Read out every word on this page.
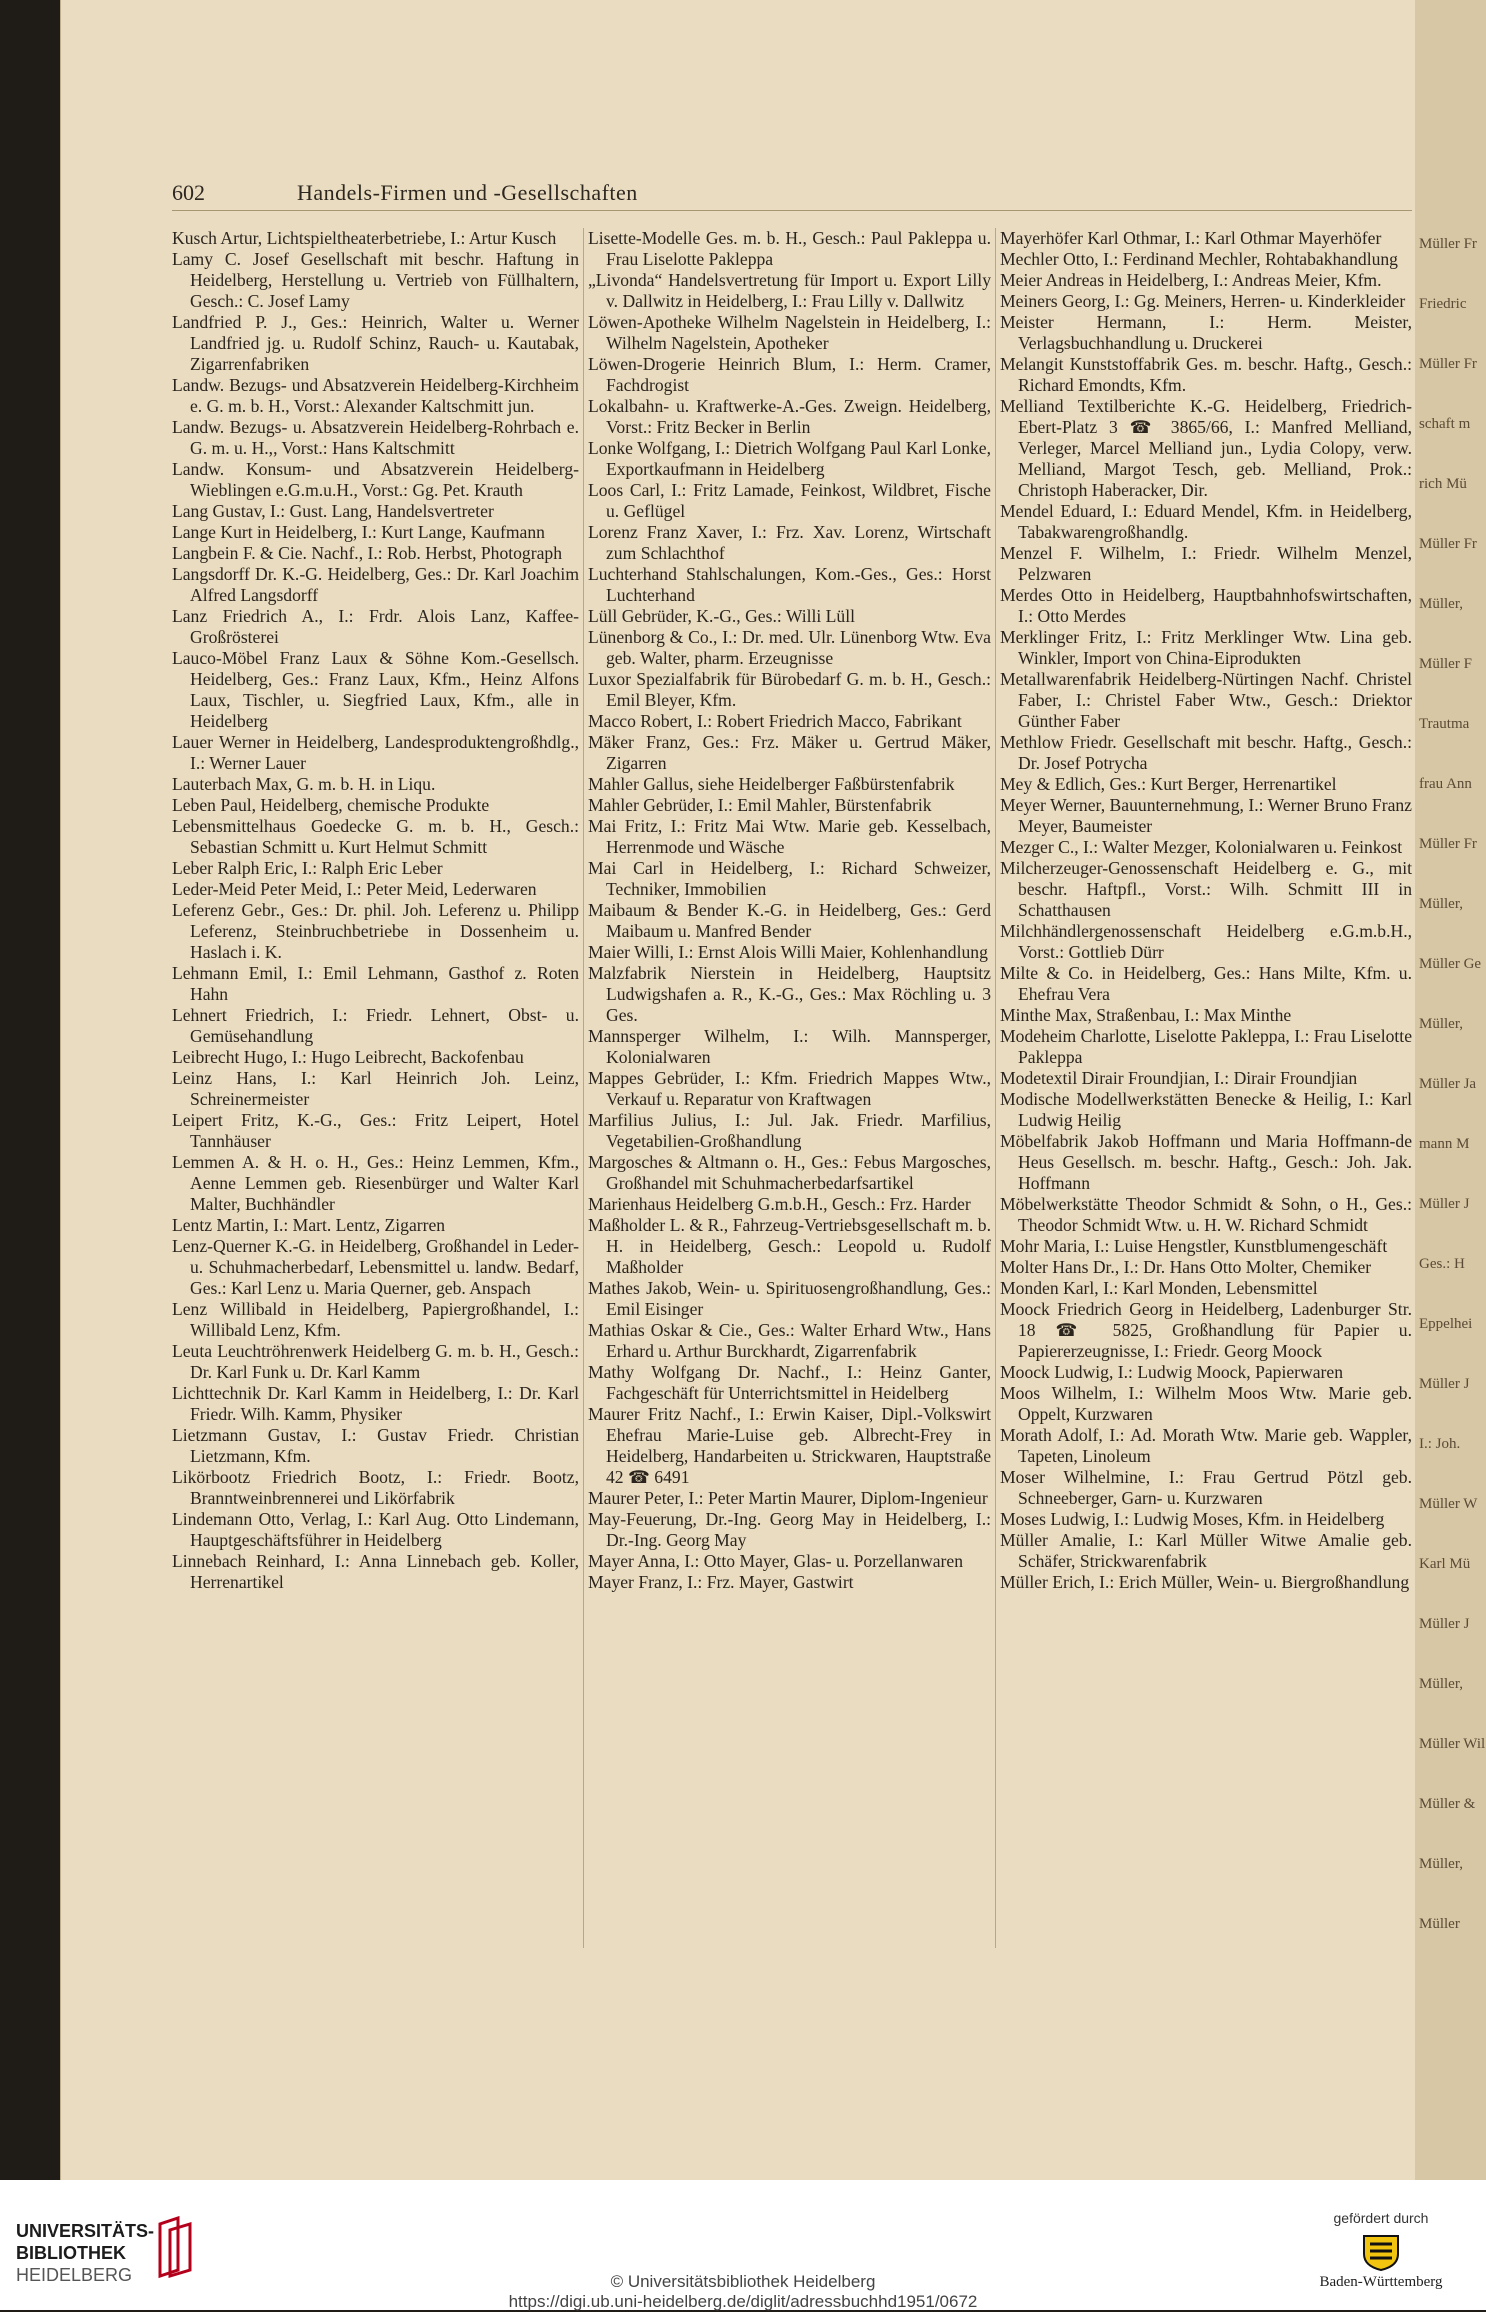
Müller Fr
Friedric
Müller Fr
schaft m
rich Mü
Müller Fr
Müller,
Müller F
Trautma
frau Ann
Müller Fr
Müller,
Müller Ge
Müller,
Müller Ja
mann M
Müller J
Ges.: H
Eppelhei
Müller J
I.: Joh.
Müller W
Karl Mü
Müller J
Müller,
Müller Wil
Müller &
Müller,
Müller
602	Handels-Firmen und -Gesellschaften
Kusch Artur, Lichtspieltheaterbetriebe, I.: Artur Kusch
Lamy C. Josef Gesellschaft mit beschr. Haftung in Heidelberg, Herstellung u. Vertrieb von Füllhaltern, Gesch.: C. Josef Lamy
Landfried P. J., Ges.: Heinrich, Walter u. Werner Landfried jg. u. Rudolf Schinz, Rauch- u. Kautabak, Zigarrenfabriken
Landw. Bezugs- und Absatzverein Heidelberg-Kirchheim e. G. m. b. H., Vorst.: Alexander Kaltschmitt jun.
Landw. Bezugs- u. Absatzverein Heidelberg-Rohrbach e. G. m. u. H.,, Vorst.: Hans Kaltschmitt
Landw. Konsum- und Absatzverein Heidelberg-Wieblingen e.G.m.u.H., Vorst.: Gg. Pet. Krauth
Lang Gustav, I.: Gust. Lang, Handelsvertreter
Lange Kurt in Heidelberg, I.: Kurt Lange, Kaufmann
Langbein F. & Cie. Nachf., I.: Rob. Herbst, Photograph
Langsdorff Dr. K.-G. Heidelberg, Ges.: Dr. Karl Joachim Alfred Langsdorff
Lanz Friedrich A., I.: Frdr. Alois Lanz, Kaffee-Großrösterei
Lauco-Möbel Franz Laux & Söhne Kom.-Gesellsch. Heidelberg, Ges.: Franz Laux, Kfm., Heinz Alfons Laux, Tischler, u. Siegfried Laux, Kfm., alle in Heidelberg
Lauer Werner in Heidelberg, Landesproduktengroßhdlg., I.: Werner Lauer
Lauterbach Max, G. m. b. H. in Liqu.
Leben Paul, Heidelberg, chemische Produkte
Lebensmittelhaus Goedecke G. m. b. H., Gesch.: Sebastian Schmitt u. Kurt Helmut Schmitt
Leber Ralph Eric, I.: Ralph Eric Leber
Leder-Meid Peter Meid, I.: Peter Meid, Lederwaren
Leferenz Gebr., Ges.: Dr. phil. Joh. Leferenz u. Philipp Leferenz, Steinbruchbetriebe in Dossenheim u. Haslach i. K.
Lehmann Emil, I.: Emil Lehmann, Gasthof z. Roten Hahn
Lehnert Friedrich, I.: Friedr. Lehnert, Obst- u. Gemüsehandlung
Leibrecht Hugo, I.: Hugo Leibrecht, Backofenbau
Leinz Hans, I.: Karl Heinrich Joh. Leinz, Schreinermeister
Leipert Fritz, K.-G., Ges.: Fritz Leipert, Hotel Tannhäuser
Lemmen A. & H. o. H., Ges.: Heinz Lemmen, Kfm., Aenne Lemmen geb. Riesenbürger und Walter Karl Malter, Buchhändler
Lentz Martin, I.: Mart. Lentz, Zigarren
Lenz-Querner K.-G. in Heidelberg, Großhandel in Leder- u. Schuhmacherbedarf, Lebensmittel u. landw. Bedarf, Ges.: Karl Lenz u. Maria Querner, geb. Anspach
Lenz Willibald in Heidelberg, Papiergroßhandel, I.: Willibald Lenz, Kfm.
Leuta Leuchtröhrenwerk Heidelberg G. m. b. H., Gesch.: Dr. Karl Funk u. Dr. Karl Kamm
Lichttechnik Dr. Karl Kamm in Heidelberg, I.: Dr. Karl Friedr. Wilh. Kamm, Physiker
Lietzmann Gustav, I.: Gustav Friedr. Christian Lietzmann, Kfm.
Likörbootz Friedrich Bootz, I.: Friedr. Bootz, Branntweinbrennerei und Likörfabrik
Lindemann Otto, Verlag, I.: Karl Aug. Otto Lindemann, Hauptgeschäftsführer in Heidelberg
Linnebach Reinhard, I.: Anna Linnebach geb. Koller, Herrenartikel
Lisette-Modelle Ges. m. b. H., Gesch.: Paul Pakleppa u. Frau Liselotte Pakleppa
„Livonda“ Handelsvertretung für Import u. Export Lilly v. Dallwitz in Heidelberg, I.: Frau Lilly v. Dallwitz
Löwen-Apotheke Wilhelm Nagelstein in Heidelberg, I.: Wilhelm Nagelstein, Apotheker
Löwen-Drogerie Heinrich Blum, I.: Herm. Cramer, Fachdrogist
Lokalbahn- u. Kraftwerke-A.-Ges. Zweign. Heidelberg, Vorst.: Fritz Becker in Berlin
Lonke Wolfgang, I.: Dietrich Wolfgang Paul Karl Lonke, Exportkaufmann in Heidelberg
Loos Carl, I.: Fritz Lamade, Feinkost, Wildbret, Fische u. Geflügel
Lorenz Franz Xaver, I.: Frz. Xav. Lorenz, Wirtschaft zum Schlachthof
Luchterhand Stahlschalungen, Kom.-Ges., Ges.: Horst Luchterhand
Lüll Gebrüder, K.-G., Ges.: Willi Lüll
Lünenborg & Co., I.: Dr. med. Ulr. Lünenborg Wtw. Eva geb. Walter, pharm. Erzeugnisse
Luxor Spezialfabrik für Bürobedarf G. m. b. H., Gesch.: Emil Bleyer, Kfm.
Macco Robert, I.: Robert Friedrich Macco, Fabrikant
Mäker Franz, Ges.: Frz. Mäker u. Gertrud Mäker, Zigarren
Mahler Gallus, siehe Heidelberger Faßbürstenfabrik
Mahler Gebrüder, I.: Emil Mahler, Bürstenfabrik
Mai Fritz, I.: Fritz Mai Wtw. Marie geb. Kesselbach, Herrenmode und Wäsche
Mai Carl in Heidelberg, I.: Richard Schweizer, Techniker, Immobilien
Maibaum & Bender K.-G. in Heidelberg, Ges.: Gerd Maibaum u. Manfred Bender
Maier Willi, I.: Ernst Alois Willi Maier, Kohlenhandlung
Malzfabrik Nierstein in Heidelberg, Hauptsitz Ludwigshafen a. R., K.-G., Ges.: Max Röchling u. 3 Ges.
Mannsperger Wilhelm, I.: Wilh. Mannsperger, Kolonialwaren
Mappes Gebrüder, I.: Kfm. Friedrich Mappes Wtw., Verkauf u. Reparatur von Kraftwagen
Marfilius Julius, I.: Jul. Jak. Friedr. Marfilius, Vegetabilien-Großhandlung
Margosches & Altmann o. H., Ges.: Febus Margosches, Großhandel mit Schuhmacherbedarfsartikel
Marienhaus Heidelberg G.m.b.H., Gesch.: Frz. Harder
Maßholder L. & R., Fahrzeug-Vertriebsgesellschaft m. b. H. in Heidelberg, Gesch.: Leopold u. Rudolf Maßholder
Mathes Jakob, Wein- u. Spirituosengroßhandlung, Ges.: Emil Eisinger
Mathias Oskar & Cie., Ges.: Walter Erhard Wtw., Hans Erhard u. Arthur Burckhardt, Zigarrenfabrik
Mathy Wolfgang Dr. Nachf., I.: Heinz Ganter, Fachgeschäft für Unterrichtsmittel in Heidelberg
Maurer Fritz Nachf., I.: Erwin Kaiser, Dipl.-Volkswirt Ehefrau Marie-Luise geb. Albrecht-Frey in Heidelberg, Handarbeiten u. Strickwaren, Hauptstraße 42 ☎ 6491
Maurer Peter, I.: Peter Martin Maurer, Diplom-Ingenieur
May-Feuerung, Dr.-Ing. Georg May in Heidelberg, I.: Dr.-Ing. Georg May
Mayer Anna, I.: Otto Mayer, Glas- u. Porzellanwaren
Mayer Franz, I.: Frz. Mayer, Gastwirt
Mayerhöfer Karl Othmar, I.: Karl Othmar Mayerhöfer
Mechler Otto, I.: Ferdinand Mechler, Rohtabakhandlung
Meier Andreas in Heidelberg, I.: Andreas Meier, Kfm.
Meiners Georg, I.: Gg. Meiners, Herren- u. Kinderkleider
Meister Hermann, I.: Herm. Meister, Verlagsbuchhandlung u. Druckerei
Melangit Kunststoffabrik Ges. m. beschr. Haftg., Gesch.: Richard Emondts, Kfm.
Melliand Textilberichte K.-G. Heidelberg, Friedrich-Ebert-Platz 3 ☎ 3865/66, I.: Manfred Melliand, Verleger, Marcel Melliand jun., Lydia Colopy, verw. Melliand, Margot Tesch, geb. Melliand, Prok.: Christoph Haberacker, Dir.
Mendel Eduard, I.: Eduard Mendel, Kfm. in Heidelberg, Tabakwarengroßhandlg.
Menzel F. Wilhelm, I.: Friedr. Wilhelm Menzel, Pelzwaren
Merdes Otto in Heidelberg, Hauptbahnhofswirtschaften, I.: Otto Merdes
Merklinger Fritz, I.: Fritz Merklinger Wtw. Lina geb. Winkler, Import von China-Eiprodukten
Metallwarenfabrik Heidelberg-Nürtingen Nachf. Christel Faber, I.: Christel Faber Wtw., Gesch.: Driektor Günther Faber
Methlow Friedr. Gesellschaft mit beschr. Haftg., Gesch.: Dr. Josef Potrycha
Mey & Edlich, Ges.: Kurt Berger, Herrenartikel
Meyer Werner, Bauunternehmung, I.: Werner Bruno Franz Meyer, Baumeister
Mezger C., I.: Walter Mezger, Kolonialwaren u. Feinkost
Milcherzeuger-Genossenschaft Heidelberg e. G., mit beschr. Haftpfl., Vorst.: Wilh. Schmitt III in Schatthausen
Milchhändlergenossenschaft Heidelberg e.G.m.b.H., Vorst.: Gottlieb Dürr
Milte & Co. in Heidelberg, Ges.: Hans Milte, Kfm. u. Ehefrau Vera
Minthe Max, Straßenbau, I.: Max Minthe
Modeheim Charlotte, Liselotte Pakleppa, I.: Frau Liselotte Pakleppa
Modetextil Dirair Froundjian, I.: Dirair Froundjian
Modische Modellwerkstätten Benecke & Heilig, I.: Karl Ludwig Heilig
Möbelfabrik Jakob Hoffmann und Maria Hoffmann-de Heus Gesellsch. m. beschr. Haftg., Gesch.: Joh. Jak. Hoffmann
Möbelwerkstätte Theodor Schmidt & Sohn, o H., Ges.: Theodor Schmidt Wtw. u. H. W. Richard Schmidt
Mohr Maria, I.: Luise Hengstler, Kunstblumengeschäft
Molter Hans Dr., I.: Dr. Hans Otto Molter, Chemiker
Monden Karl, I.: Karl Monden, Lebensmittel
Moock Friedrich Georg in Heidelberg, Ladenburger Str. 18 ☎ 5825, Großhandlung für Papier u. Papiererzeugnisse, I.: Friedr. Georg Moock
Moock Ludwig, I.: Ludwig Moock, Papierwaren
Moos Wilhelm, I.: Wilhelm Moos Wtw. Marie geb. Oppelt, Kurzwaren
Morath Adolf, I.: Ad. Morath Wtw. Marie geb. Wappler, Tapeten, Linoleum
Moser Wilhelmine, I.: Frau Gertrud Pötzl geb. Schneeberger, Garn- u. Kurzwaren
Moses Ludwig, I.: Ludwig Moses, Kfm. in Heidelberg
Müller Amalie, I.: Karl Müller Witwe Amalie geb. Schäfer, Strickwarenfabrik
Müller Erich, I.: Erich Müller, Wein- u. Biergroßhandlung
UNIVERSITÄTS-
BIBLIOTHEK
HEIDELBERG	© Universitätsbibliothek Heidelberg
https://digi.ub.uni-heidelberg.de/diglit/adressbuchhd1951/0672
gefördert durch
Baden-Württemberg
